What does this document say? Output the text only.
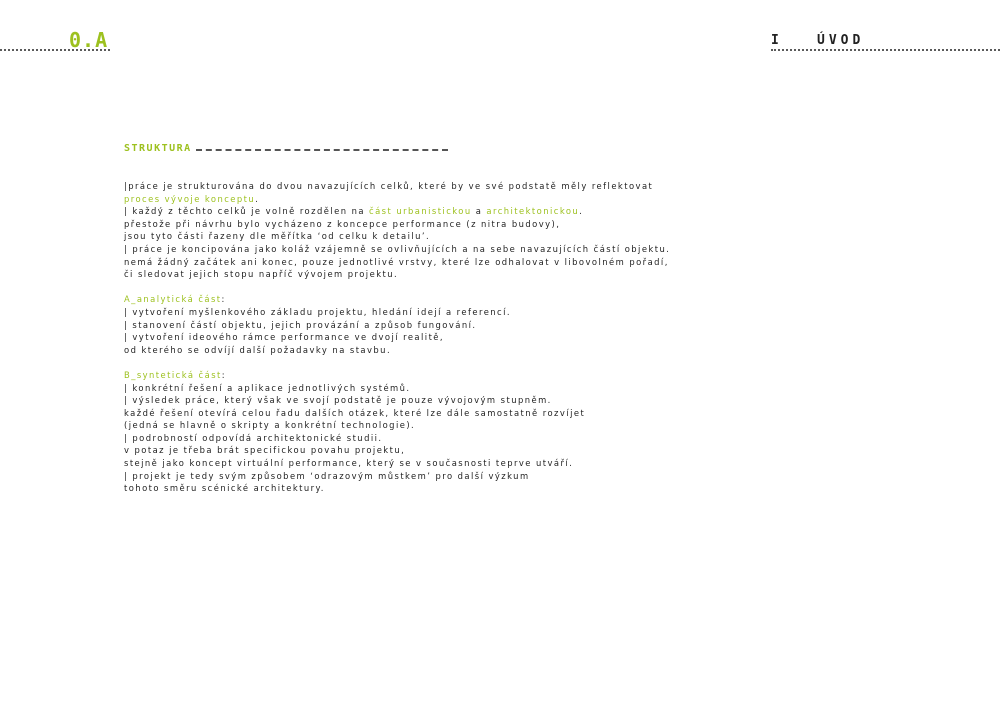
0.A	I	ÚVOD
STRUKTURA
|práce je strukturována do dvou navazujících celků, které by ve své podstatě měly reflektovat
proces vývoje konceptu.
| každý z těchto celků je volně rozdělen na část urbanistickou a architektonickou.
přestože při návrhu bylo vycházeno z koncepce performance (z nitra budovy),
jsou tyto části řazeny dle měřítka ‘od celku k detailu’.
| práce je koncipována jako koláž vzájemně se ovlivňujících a na sebe navazujících částí objektu.
nemá žádný začátek ani konec, pouze jednotlivé vrstvy, které lze odhalovat v libovolném pořadí,
či sledovat jejich stopu napříč vývojem projektu.
A_analytická část:
| vytvoření myšlenkového základu projektu, hledání idejí a referencí.
| stanovení částí objektu, jejich provázání a způsob fungování.
| vytvoření ideového rámce performance ve dvojí realitě,
od kterého se odvíjí další požadavky na stavbu.
B_syntetická část:
| konkrétní řešení a aplikace jednotlivých systémů.
| výsledek práce, který však ve svojí podstatě je pouze vývojovým stupněm.
každé řešení otevírá celou řadu dalších otázek, které lze dále samostatně rozvíjet
(jedná se hlavně o skripty a konkrétní technologie).
| podrobností odpovídá architektonické studii.
v potaz je třeba brát specifickou povahu projektu,
stejně jako koncept virtuální performance, který se v současnosti teprve utváří.
| projekt je tedy svým způsobem ‘odrazovým můstkem’ pro další výzkum
tohoto směru scénické architektury.
